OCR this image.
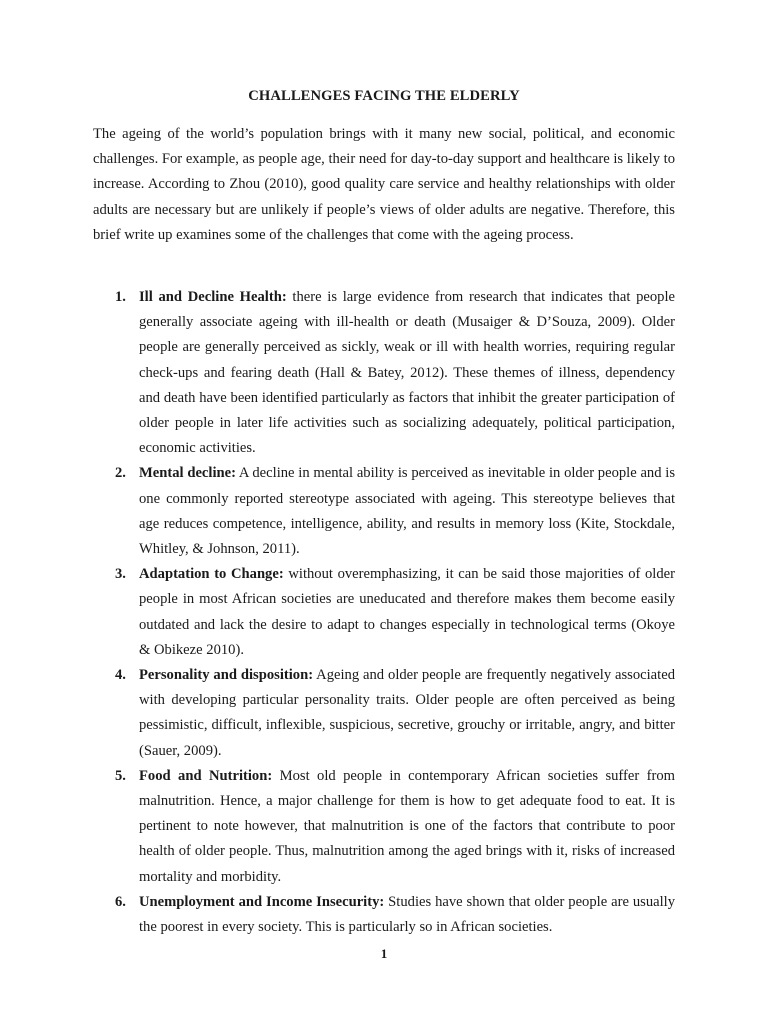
CHALLENGES FACING THE ELDERLY

The ageing of the world’s population brings with it many new social, political, and economic challenges. For example, as people age, their need for day-to-day support and healthcare is likely to increase. According to Zhou (2010), good quality care service and healthy relationships with older adults are necessary but are unlikely if people’s views of older adults are negative. Therefore, this brief write up examines some of the challenges that come with the ageing process.

1. Ill and Decline Health: there is large evidence from research that indicates that people generally associate ageing with ill-health or death (Musaiger & D’Souza, 2009). Older people are generally perceived as sickly, weak or ill with health worries, requiring regular check-ups and fearing death (Hall & Batey, 2012). These themes of illness, dependency and death have been identified particularly as factors that inhibit the greater participation of older people in later life activities such as socializing adequately, political participation, economic activities.
2. Mental decline: A decline in mental ability is perceived as inevitable in older people and is one commonly reported stereotype associated with ageing. This stereotype believes that age reduces competence, intelligence, ability, and results in memory loss (Kite, Stockdale, Whitley, & Johnson, 2011).
3. Adaptation to Change: without overemphasizing, it can be said those majorities of older people in most African societies are uneducated and therefore makes them become easily outdated and lack the desire to adapt to changes especially in technological terms (Okoye & Obikeze 2010).
4. Personality and disposition: Ageing and older people are frequently negatively associated with developing particular personality traits. Older people are often perceived as being pessimistic, difficult, inflexible, suspicious, secretive, grouchy or irritable, angry, and bitter (Sauer, 2009).
5. Food and Nutrition: Most old people in contemporary African societies suffer from malnutrition. Hence, a major challenge for them is how to get adequate food to eat. It is pertinent to note however, that malnutrition is one of the factors that contribute to poor health of older people. Thus, malnutrition among the aged brings with it, risks of increased mortality and morbidity.
6. Unemployment and Income Insecurity: Studies have shown that older people are usually the poorest in every society. This is particularly so in African societies.
1
